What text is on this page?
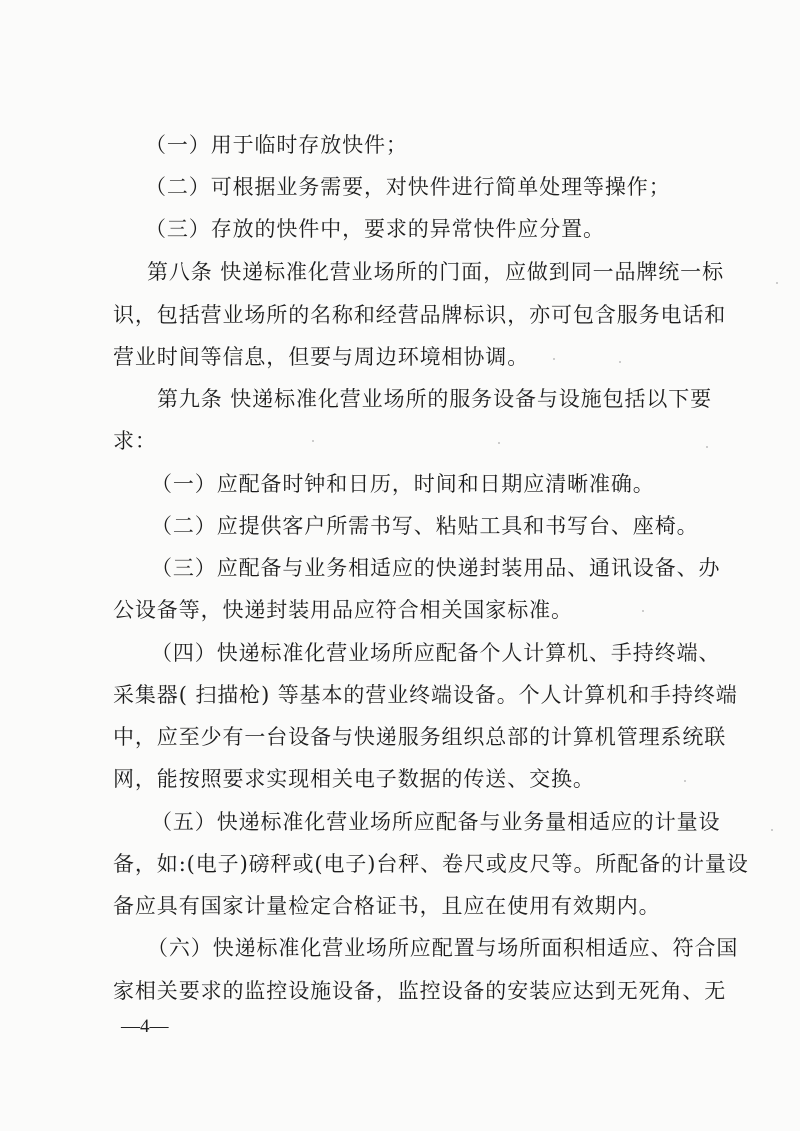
（一）用于临时存放快件；
（二）可根据业务需要，对快件进行简单处理等操作；
（三）存放的快件中，要求的异常快件应分置。
第八条 快递标准化营业场所的门面，应做到同一品牌统一标
识，包括营业场所的名称和经营品牌标识，亦可包含服务电话和
营业时间等信息，但要与周边环境相协调。
第九条 快递标准化营业场所的服务设备与设施包括以下要
求：
（一）应配备时钟和日历，时间和日期应清晰准确。
（二）应提供客户所需书写、粘贴工具和书写台、座椅。
（三）应配备与业务相适应的快递封装用品、通讯设备、办
公设备等，快递封装用品应符合相关国家标准。
（四）快递标准化营业场所应配备个人计算机、手持终端、
采集器( 扫描枪) 等基本的营业终端设备。个人计算机和手持终端
中，应至少有一台设备与快递服务组织总部的计算机管理系统联
网，能按照要求实现相关电子数据的传送、交换。
（五）快递标准化营业场所应配备与业务量相适应的计量设
备，如:(电子)磅秤或(电子)台秤、卷尺或皮尺等。所配备的计量设
备应具有国家计量检定合格证书，且应在使用有效期内。
（六）快递标准化营业场所应配置与场所面积相适应、符合国
家相关要求的监控设施设备，监控设备的安装应达到无死角、无
—4—
